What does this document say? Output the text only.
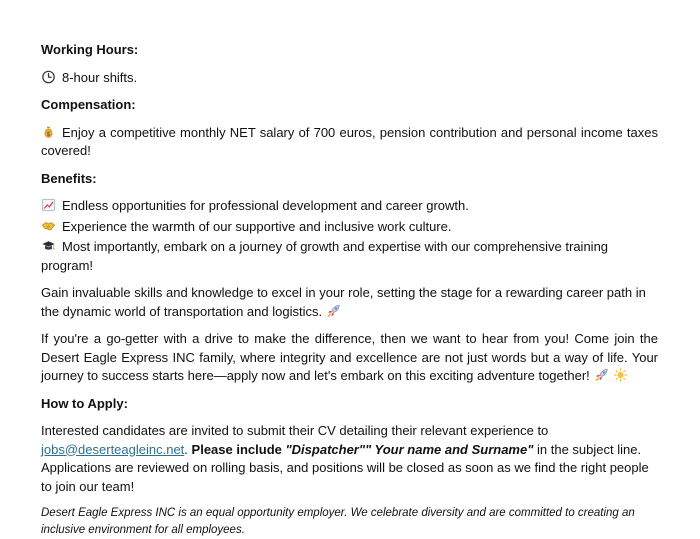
Working Hours:

8-hour shifts.

Compensation:

$ Enjoy a competitive monthly NET salary of 700 euros, pension contribution and personal income taxes covered!

Benefits:

Endless opportunities for professional development and career growth.

Experience the warmth of our supportive and inclusive work culture.

Most importantly, embark on a journey of growth and expertise with our comprehensive training program!

Gain invaluable skills and knowledge to excel in your role, setting the stage for a rewarding career path in the dynamic world of transportation and logistics.

If you're a go-getter with a drive to make the difference, then we want to hear from you! Come join the Desert Eagle Express INC family, where integrity and excellence are not just words but a way of life. Your journey to success starts here—apply now and let's embark on this exciting adventure together!

How to Apply:

Interested candidates are invited to submit their CV detailing their relevant experience to jobs@deserteagleinc.net. Please include "Dispatcher"" Your name and Surname" in the subject line. Applications are reviewed on rolling basis, and positions will be closed as soon as we find the right people to join our team!

Desert Eagle Express INC is an equal opportunity employer. We celebrate diversity and are committed to creating an inclusive environment for all employees.
